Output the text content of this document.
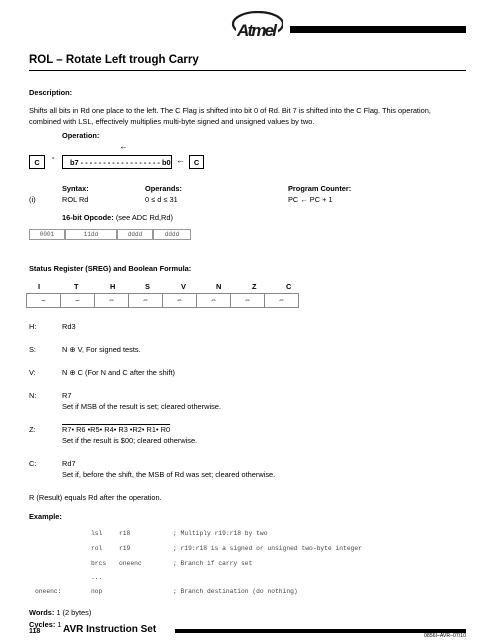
Atmel
ROL – Rotate Left trough Carry
Description:
Shifts all bits in Rd one place to the left. The C Flag is shifted into bit 0 of Rd. Bit 7 is shifted into the C Flag. This operation,
combined with LSL, effectively multiplies multi-byte signed and unsigned values by two.
Operation:
←
C - b7 - - - - - - - - - - - - - - - - - - b0 ← C
Syntax:	Operands:	Program Counter:
(i)	ROL Rd	0 ≤ d ≤ 31	PC ← PC + 1
16-bit Opcode: (see ADC Rd,Rd)
0001	11dd	dddd	dddd
Status Register (SREG) and Boolean Formula:
I	T	H	S	V	N	Z	C
–	–	⇔	⇔	⇔	⇔	⇔	⇔
H:	Rd3
S:	N ⊕ V, For signed tests.
V:	N ⊕ C (For N and C after the shift)
N:	R7
Set if MSB of the result is set; cleared otherwise.
Z:	R7• R6 •R5• R4• R3 •R2• R1• R0
Set if the result is $00; cleared otherwise.
C:	Rd7
Set if, before the shift, the MSB of Rd was set; cleared otherwise.
R (Result) equals Rd after the operation.
Example:
lsl	r18	; Multiply r19:r18 by two
rol	r19	; r19:r18 is a signed or unsigned two-byte integer
brcs oneenc	; Branch if carry set
...
oneenc:	nop	; Branch destination (do nothing)
Words: 1 (2 bytes)
Cycles: 1
118 AVR Instruction Set
0856I–AVR–07/10
